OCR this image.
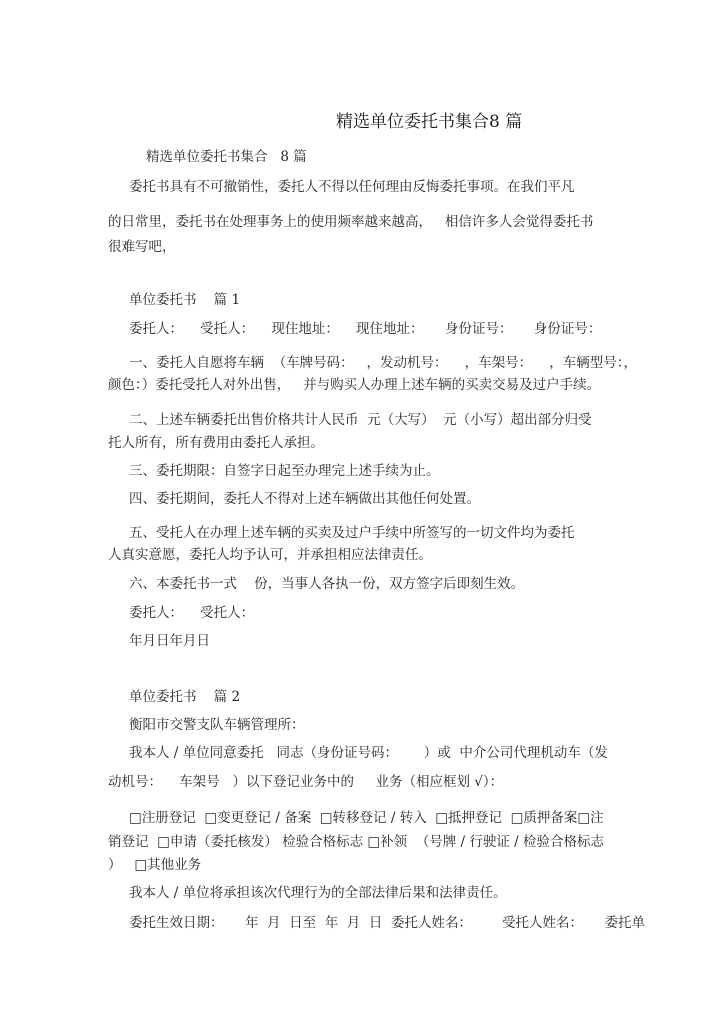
精选单位委托书集合8 篇
精选单位委托书集合   8 篇
委托书具有不可撤销性，委托人不得以任何理由反悔委托事项。在我们平凡
的日常里，委托书在处理事务上的使用频率越来越高，   相信许多人会觉得委托书
很难写吧，
单位委托书    篇 1
委托人：    受托人：    现住地址：    现住地址：     身份证号：     身份证号：
一、委托人自愿将车辆  （车牌号码：   ，发动机号：    ，车架号：    ，车辆型号：，
颜色：）委托受托人对外出售，   并与购买人办理上述车辆的买卖交易及过户手续。
二、上述车辆委托出售价格共计人民币  元（大写）  元（小写）超出部分归受
托人所有，所有费用由委托人承担。
三、委托期限：自签字日起至办理完上述手续为止。
四、委托期间，委托人不得对上述车辆做出其他任何处置。
五、受托人在办理上述车辆的买卖及过户手续中所签写的一切文件均为委托
人真实意愿，委托人均予认可，并承担相应法律责任。
六、本委托书一式    份，当事人各执一份，双方签字后即刻生效。
委托人：    受托人：
年月日年月日
单位委托书    篇 2
衡阳市交警支队车辆管理所：
我本人 / 单位同意委托   同志（身份证号码：      ）或  中介公司代理机动车（发
动机号：    车架号   ）以下登记业务中的     业务（相应框划 √）：
□注册登记  □变更登记 / 备案  □转移登记 / 转入  □抵押登记  □质押备案□注
销登记  □申请（委托核发） 检验合格标志 □补领  （号牌 / 行驶证 / 检验合格标志
）   □其他业务
我本人 / 单位将承担该次代理行为的全部法律后果和法律责任。
委托生效日期：     年  月  日至  年  月  日  委托人姓名：       受托人姓名：     委托单
